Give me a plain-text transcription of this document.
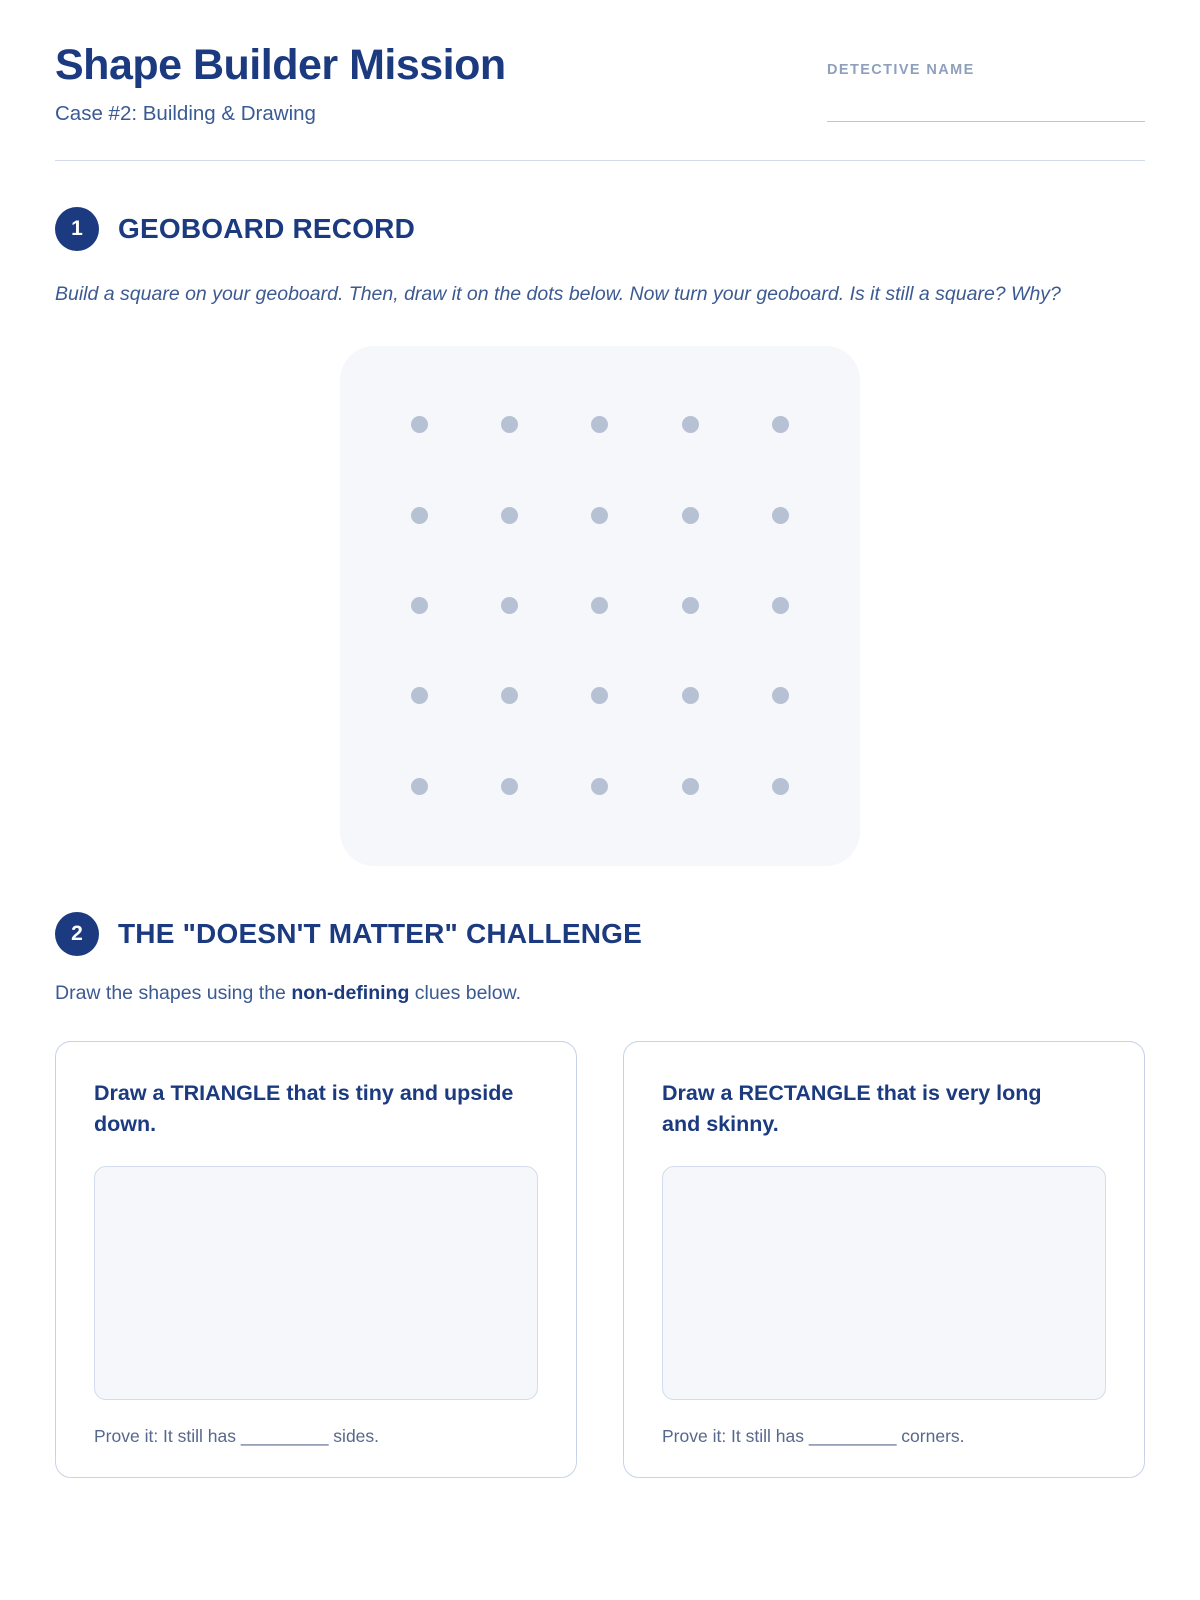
Shape Builder Mission
Case #2: Building & Drawing
DETECTIVE NAME
1	GEOBOARD RECORD
Build a square on your geoboard. Then, draw it on the dots below. Now turn your geoboard. Is it still a square? Why?
2	THE "DOESN'T MATTER" CHALLENGE
Draw the shapes using the non-defining clues below.
Draw a TRIANGLE that is tiny and upside down.
Prove it: It still has _________ sides.
Draw a RECTANGLE that is very long and skinny.
Prove it: It still has _________ corners.
